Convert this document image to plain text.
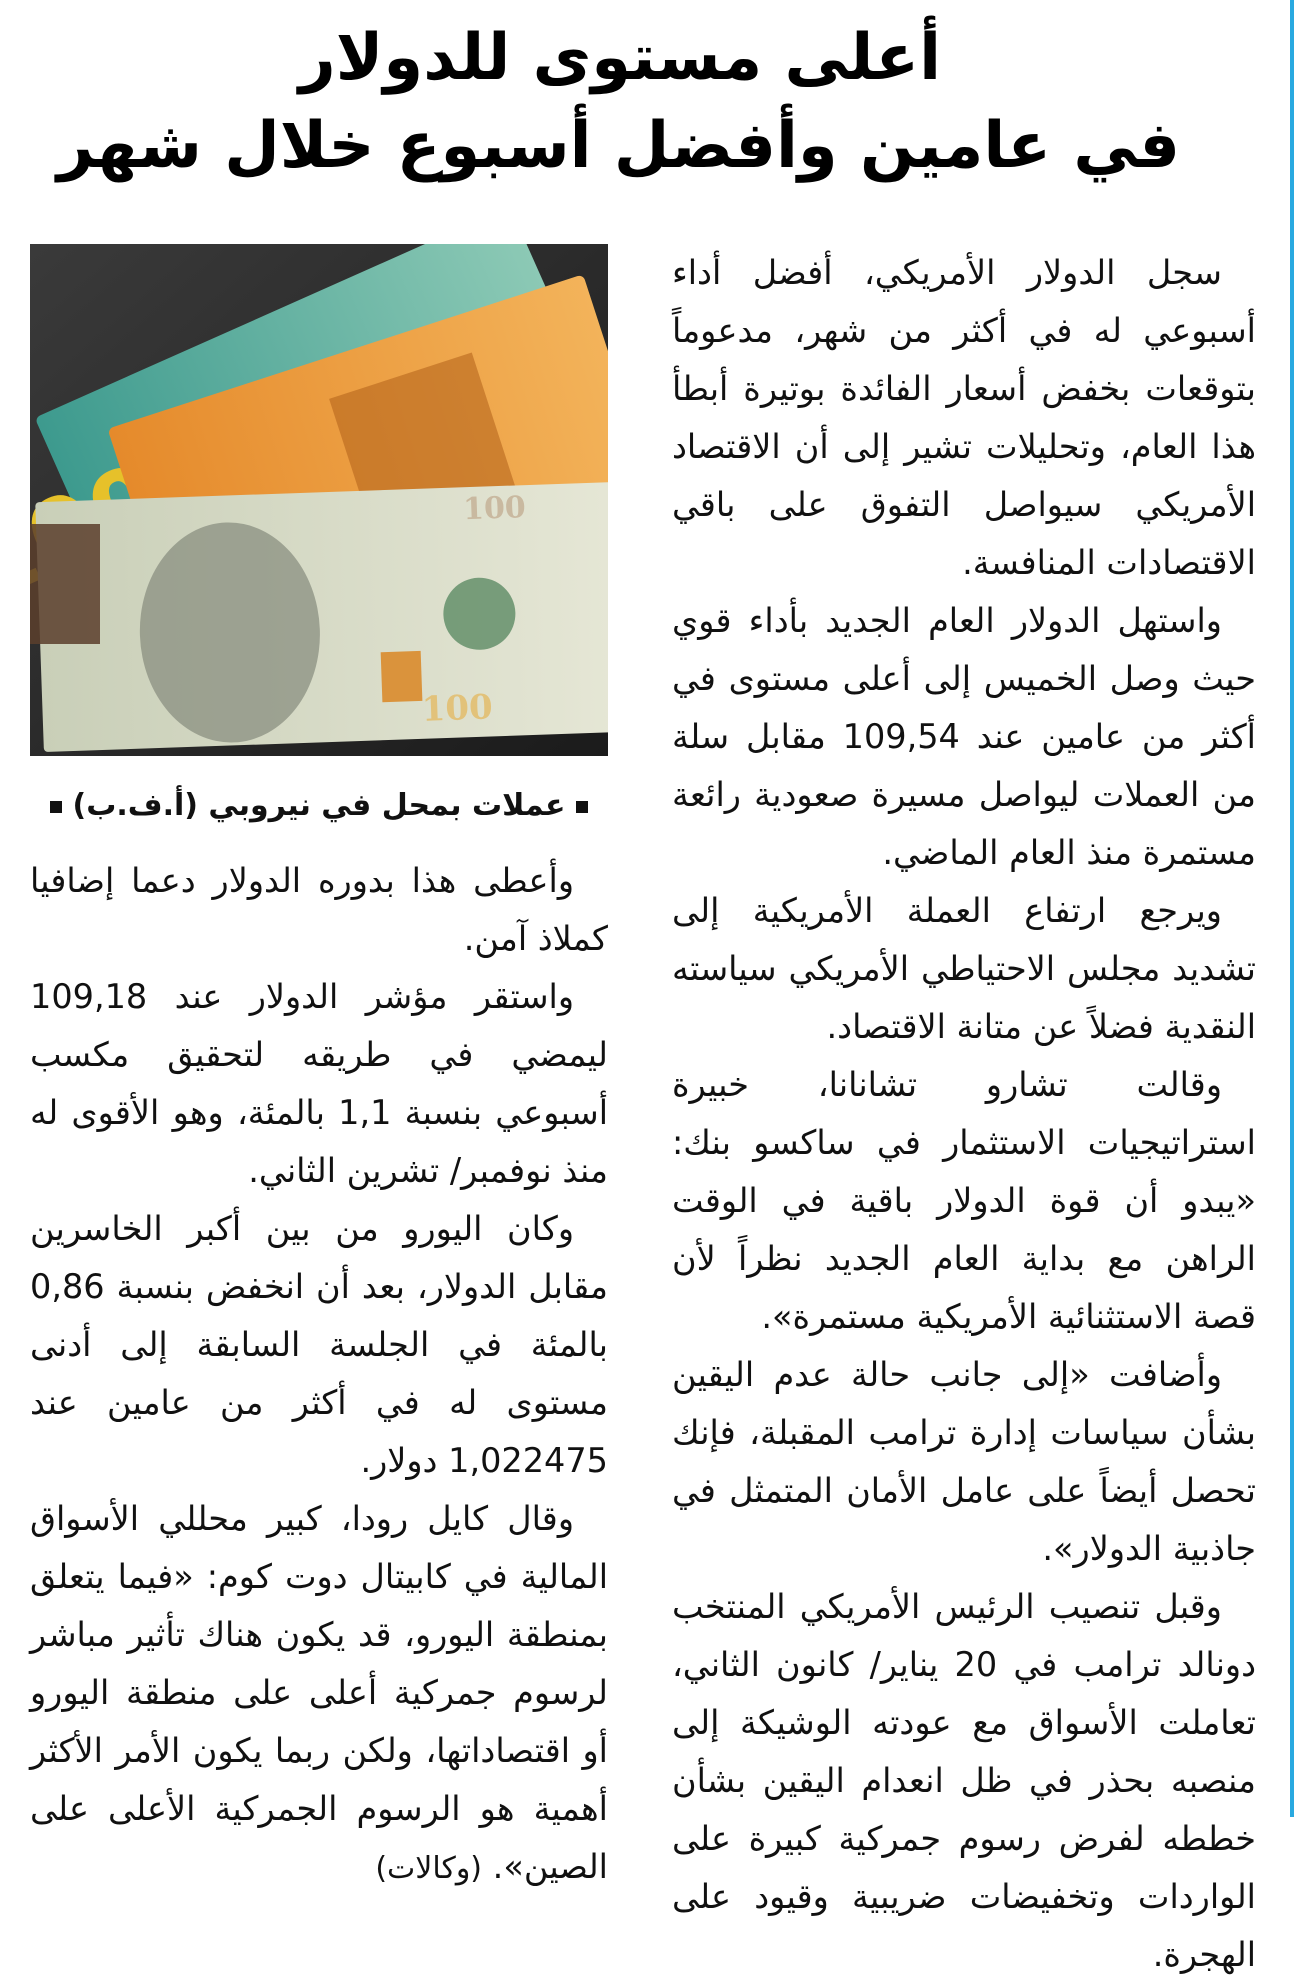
أعلى مستوى للدولار
في عامين وأفضل أسبوع خلال شهر

سجل الدولار الأمريكي، أفضل أداء أسبوعي له في أكثر من شهر، مدعوماً بتوقعات بخفض أسعار الفائدة بوتيرة أبطأ هذا العام، وتحليلات تشير إلى أن الاقتصاد الأمريكي سيواصل التفوق على باقي الاقتصادات المنافسة.

واستهل الدولار العام الجديد بأداء قوي حيث وصل الخميس إلى أعلى مستوى في أكثر من عامين عند 109,54 مقابل سلة من العملات ليواصل مسيرة صعودية رائعة مستمرة منذ العام الماضي.

ويرجع ارتفاع العملة الأمريكية إلى تشديد مجلس الاحتياطي الأمريكي سياسته النقدية فضلاً عن متانة الاقتصاد.

وقالت تشارو تشانانا، خبيرة استراتيجيات الاستثمار في ساكسو بنك: «يبدو أن قوة الدولار باقية في الوقت الراهن مع بداية العام الجديد نظراً لأن قصة الاستثنائية الأمريكية مستمرة».

وأضافت «إلى جانب حالة عدم اليقين بشأن سياسات إدارة ترامب المقبلة، فإنك تحصل أيضاً على عامل الأمان المتمثل في جاذبية الدولار».

وقبل تنصيب الرئيس الأمريكي المنتخب دونالد ترامب في 20 يناير/ كانون الثاني، تعاملت الأسواق مع عودته الوشيكة إلى منصبه بحذر في ظل انعدام اليقين بشأن خططه لفرض رسوم جمركية كبيرة على الواردات وتخفيضات ضريبية وقيود على الهجرة.

100
100
عملات بمحل في نيروبي (أ.ف.ب)

وأعطى هذا بدوره الدولار دعما إضافيا كملاذ آمن.

واستقر مؤشر الدولار عند 109,18 ليمضي في طريقه لتحقيق مكسب أسبوعي بنسبة 1,1 بالمئة، وهو الأقوى له منذ نوفمبر/ تشرين الثاني.

وكان اليورو من بين أكبر الخاسرين مقابل الدولار، بعد أن انخفض بنسبة 0,86 بالمئة في الجلسة السابقة إلى أدنى مستوى له في أكثر من عامين عند 1,022475 دولار.

وقال كايل رودا، كبير محللي الأسواق المالية في كابيتال دوت كوم: «فيما يتعلق بمنطقة اليورو، قد يكون هناك تأثير مباشر لرسوم جمركية أعلى على منطقة اليورو أو اقتصاداتها، ولكن ربما يكون الأمر الأكثر أهمية هو الرسوم الجمركية الأعلى على الصين». (وكالات)
